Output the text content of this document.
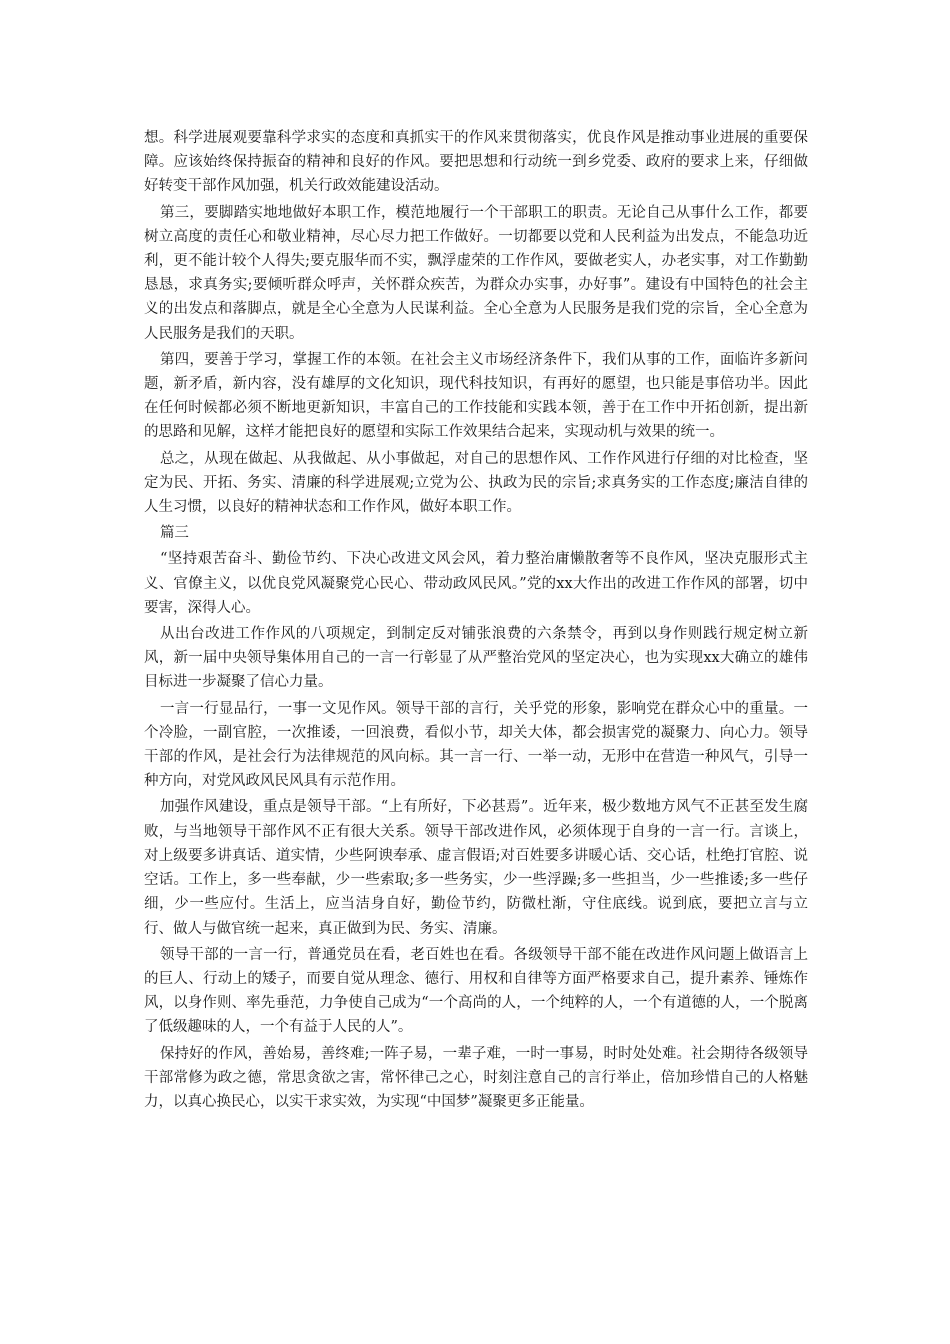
想。科学进展观要靠科学求实的态度和真抓实干的作风来贯彻落实，优良作风是推动事业进展的重要保障。应该始终保持振奋的精神和良好的作风。要把思想和行动统一到乡党委、政府的要求上来，仔细做好转变干部作风加强，机关行政效能建设活动。

第三，要脚踏实地地做好本职工作，模范地履行一个干部职工的职责。无论自己从事什么工作，都要树立高度的责任心和敬业精神，尽心尽力把工作做好。一切都要以党和人民利益为出发点，不能急功近利，更不能计较个人得失;要克服华而不实，飘浮虚荣的工作作风，要做老实人，办老实事，对工作勤勤恳恳，求真务实;要倾听群众呼声，关怀群众疾苦，为群众办实事，办好事”。建设有中国特色的社会主义的出发点和落脚点，就是全心全意为人民谋利益。全心全意为人民服务是我们党的宗旨，全心全意为人民服务是我们的天职。

第四，要善于学习，掌握工作的本领。在社会主义市场经济条件下，我们从事的工作，面临许多新问题，新矛盾，新内容，没有雄厚的文化知识，现代科技知识，有再好的愿望，也只能是事倍功半。因此在任何时候都必须不断地更新知识，丰富自己的工作技能和实践本领，善于在工作中开拓创新，提出新的思路和见解，这样才能把良好的愿望和实际工作效果结合起来，实现动机与效果的统一。

总之，从现在做起、从我做起、从小事做起，对自己的思想作风、工作作风进行仔细的对比检查，坚定为民、开拓、务实、清廉的科学进展观;立党为公、执政为民的宗旨;求真务实的工作态度;廉洁自律的人生习惯，以良好的精神状态和工作作风，做好本职工作。

篇三

“坚持艰苦奋斗、勤俭节约、下决心改进文风会风，着力整治庸懒散奢等不良作风，坚决克服形式主义、官僚主义，以优良党风凝聚党心民心、带动政风民风。”党的xx大作出的改进工作作风的部署，切中要害，深得人心。

从出台改进工作作风的八项规定，到制定反对铺张浪费的六条禁令，再到以身作则践行规定树立新风，新一届中央领导集体用自己的一言一行彰显了从严整治党风的坚定决心，也为实现xx大确立的雄伟目标进一步凝聚了信心力量。

一言一行显品行，一事一文见作风。领导干部的言行，关乎党的形象，影响党在群众心中的重量。一个冷脸，一副官腔，一次推诿，一回浪费，看似小节，却关大体，都会损害党的凝聚力、向心力。领导干部的作风，是社会行为法律规范的风向标。其一言一行、一举一动，无形中在营造一种风气，引导一种方向，对党风政风民风具有示范作用。

加强作风建设，重点是领导干部。“上有所好，下必甚焉”。近年来，极少数地方风气不正甚至发生腐败，与当地领导干部作风不正有很大关系。领导干部改进作风，必须体现于自身的一言一行。言谈上，对上级要多讲真话、道实情，少些阿谀奉承、虚言假语;对百姓要多讲暖心话、交心话，杜绝打官腔、说空话。工作上，多一些奉献，少一些索取;多一些务实，少一些浮躁;多一些担当，少一些推诿;多一些仔细，少一些应付。生活上，应当洁身自好，勤俭节约，防微杜渐，守住底线。说到底，要把立言与立行、做人与做官统一起来，真正做到为民、务实、清廉。

领导干部的一言一行，普通党员在看，老百姓也在看。各级领导干部不能在改进作风问题上做语言上的巨人、行动上的矮子，而要自觉从理念、德行、用权和自律等方面严格要求自己，提升素养、锤炼作风，以身作则、率先垂范，力争使自己成为“一个高尚的人，一个纯粹的人，一个有道德的人，一个脱离了低级趣味的人，一个有益于人民的人”。

保持好的作风，善始易，善终难;一阵子易，一辈子难，一时一事易，时时处处难。社会期待各级领导干部常修为政之德，常思贪欲之害，常怀律己之心，时刻注意自己的言行举止，倍加珍惜自己的人格魅力，以真心换民心，以实干求实效，为实现“中国梦”凝聚更多正能量。
